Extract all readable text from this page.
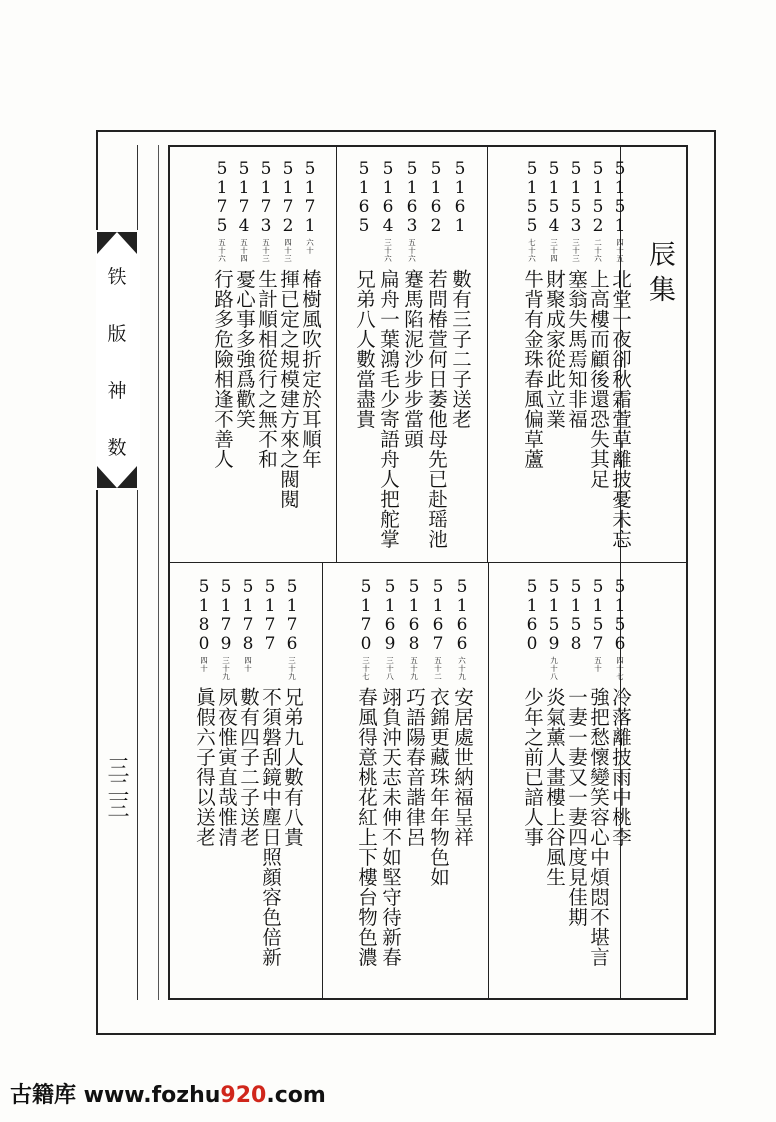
铁
版
神
数
三二三
辰集
5
1
5
1
四
十
五
北堂一夜卻秋霜萱草離披憂未忘
5
1
5
2
二
十
六
上高樓而顧後還恐失其足
5
1
5
3
三
十
三
塞翁失馬焉知非福
5
1
5
4
三
十
四
財聚成家從此立業
5
1
5
5
七
十
六
牛背有金珠春風偏草蘆
5
1
6
1
數有三子二子送老
5
1
6
2
若問椿萱何日萎他母先已赴瑶池
5
1
6
3
五
十
六
蹇馬陷泥沙步步當頭
5
1
6
4
三
十
六
扁舟一葉鴻毛少寄語舟人把舵掌
5
1
6
5
兄弟八人數當盡貴
5
1
7
1
六
十
椿樹風吹折定於耳順年
5
1
7
2
四
十
三
揮已定之規模建方來之閥閱
5
1
7
3
五
十
三
生計順相從行之無不和
5
1
7
4
五
十
四
憂心事多強爲歡笑
5
1
7
5
五
十
六
行路多危險相逢不善人
5
1
5
6
四
十
七
冷落離披雨中桃李
5
1
5
7
五
十
強把愁懷變笑容心中煩悶不堪言
5
1
5
8
一妻一妻又一妻四度見佳期
5
1
5
9
九
十
八
炎氣薰人畫樓上谷風生
5
1
6
0
少年之前已諳人事
5
1
6
6
六
十
九
安居處世納福呈祥
5
1
6
7
五
十
二
衣錦更藏珠年年物色如
5
1
6
8
五
十
九
巧語陽春音諧律呂
5
1
6
9
三
十
八
翊負沖天志未伸不如堅守待新春
5
1
7
0
三
十
七
春風得意桃花紅上下樓台物色濃
5
1
7
6
三
十
九
兄弟九人數有八貴
5
1
7
7
不須磐刮鏡中塵日照顔容色倍新
5
1
7
8
四
十
數有四子二子送老
5
1
7
9
三
十
九
夙夜惟寅直哉惟清
5
1
8
0
四
十
眞假六子得以送老
古籍库 www.fozhu920.com
